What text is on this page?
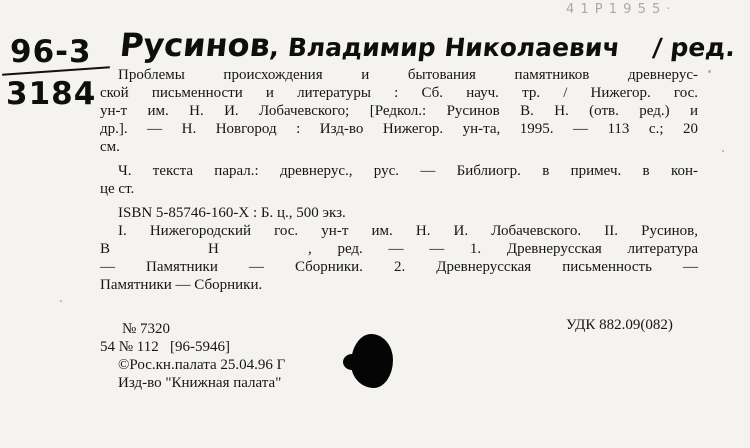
4 1 P 1 9 5 5 ·
96-3
3184
Русинов, Владимир Николаевич / ред.
Проблемы происхождения и бытования памятников древнерус-
ской письменности и литературы : Сб. науч. тр. / Нижегор. гос.
ун-т им. Н. И. Лобачевского; [Редкол.: Русинов В. Н. (отв. ред.) и
др.]. — Н. Новгород : Изд-во Нижегор. ун-та, 1995. — 113 с.; 20
см.
Ч. текста парал.: древнерус., рус. — Библиогр. в примеч. в кон-
це ст.
ISBN 5-85746-160-X : Б. ц., 500 экз.
I. Нижегородский гос. ун-т им. Н. И. Лобачевского. II. Русинов,
В	Н	, ред. — — 1. Древнерусская литература
— Памятники — Сборники. 2. Древнерусская письменность —
Памятники — Сборники.
УДК 882.09(082)
№ 7320
54 № 112 [96-5946]
©Рос.кн.палата 25.04.96 Г
Изд-во "Книжная палата"
